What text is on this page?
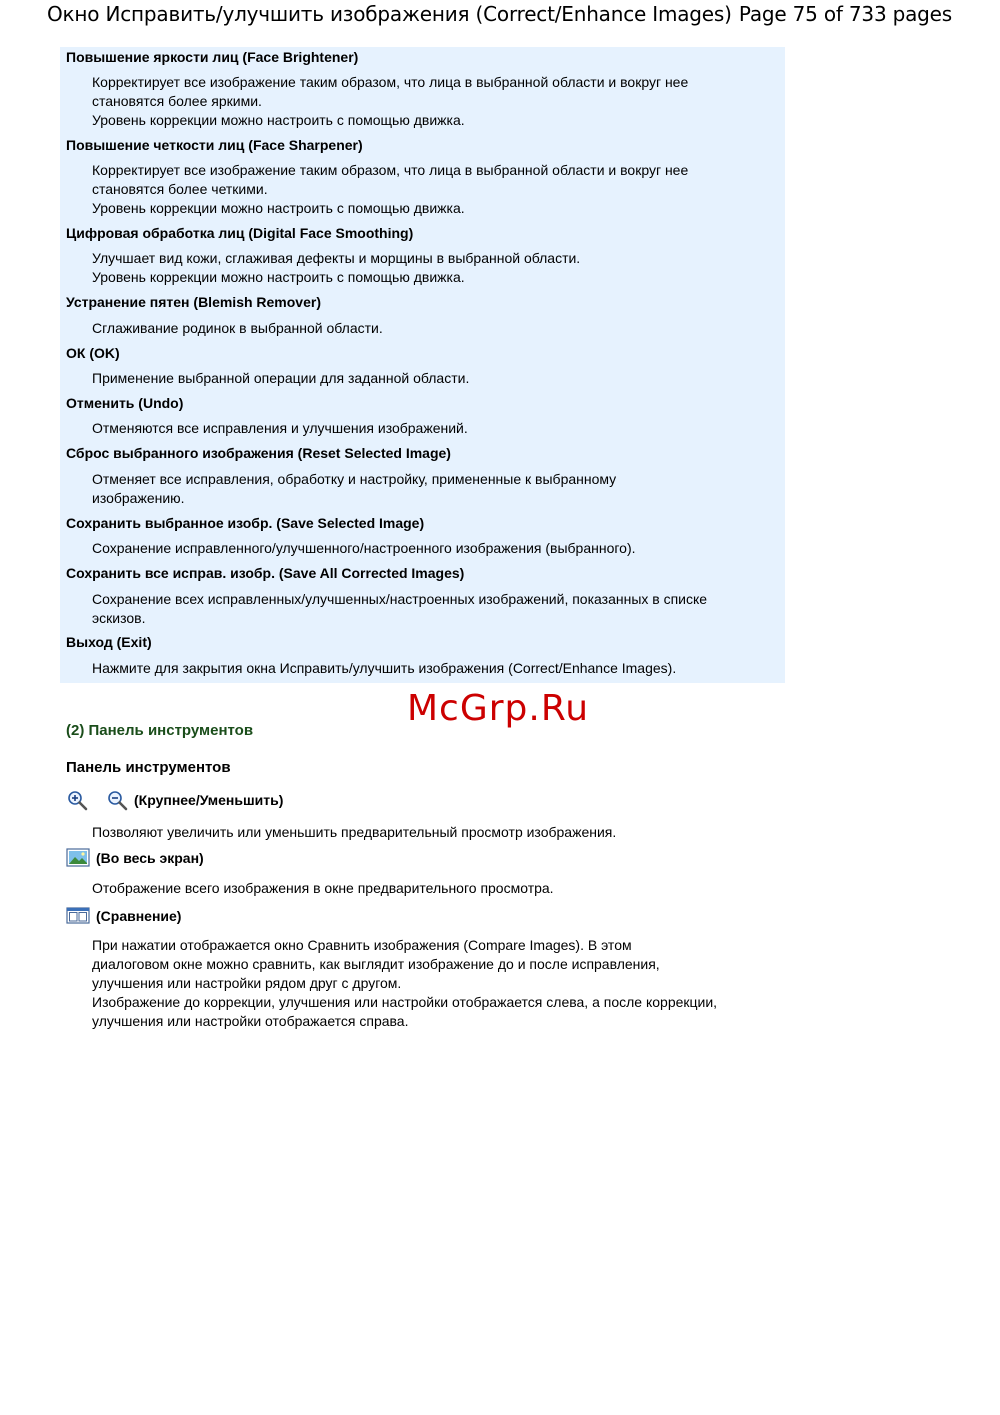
Окно Исправить/улучшить изображения (Correct/Enhance Images) Page 75 of 733 pages
Повышение яркости лиц (Face Brightener)
Корректирует все изображение таким образом, что лица в выбранной области и вокруг нее
становятся более яркими.
Уровень коррекции можно настроить с помощью движка.
Повышение четкости лиц (Face Sharpener)
Корректирует все изображение таким образом, что лица в выбранной области и вокруг нее
становятся более четкими.
Уровень коррекции можно настроить с помощью движка.
Цифровая обработка лиц (Digital Face Smoothing)
Улучшает вид кожи, сглаживая дефекты и морщины в выбранной области.
Уровень коррекции можно настроить с помощью движка.
Устранение пятен (Blemish Remover)
Сглаживание родинок в выбранной области.
ОК (OK)
Применение выбранной операции для заданной области.
Отменить (Undo)
Отменяются все исправления и улучшения изображений.
Сброс выбранного изображения (Reset Selected Image)
Отменяет все исправления, обработку и настройку, примененные к выбранному
изображению.
Сохранить выбранное изобр. (Save Selected Image)
Сохранение исправленного/улучшенного/настроенного изображения (выбранного).
Сохранить все исправ. изобр. (Save All Corrected Images)
Сохранение всех исправленных/улучшенных/настроенных изображений, показанных в списке
эскизов.
Выход (Exit)
Нажмите для закрытия окна Исправить/улучшить изображения (Correct/Enhance Images).
McGrp.Ru
(2) Панель инструментов
Панель инструментов
(Крупнее/Уменьшить)
Позволяют увеличить или уменьшить предварительный просмотр изображения.
(Во весь экран)
Отображение всего изображения в окне предварительного просмотра.
(Сравнение)
При нажатии отображается окно Сравнить изображения (Compare Images). В этом
диалоговом окне можно сравнить, как выглядит изображение до и после исправления,
улучшения или настройки рядом друг с другом.
Изображение до коррекции, улучшения или настройки отображается слева, а после коррекции,
улучшения или настройки отображается справа.
